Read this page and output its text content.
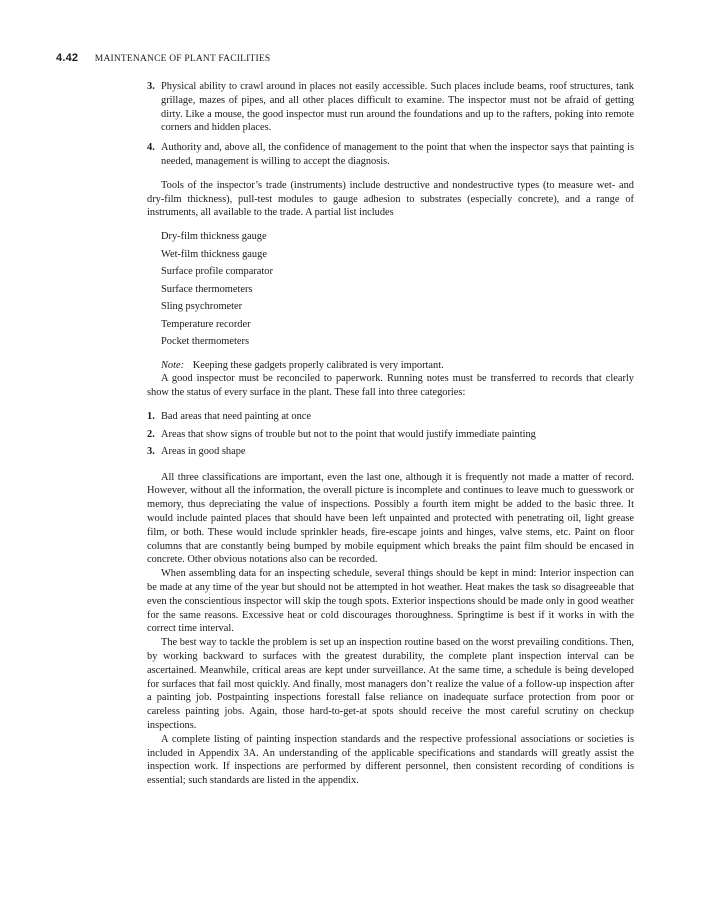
4.42 MAINTENANCE OF PLANT FACILITIES
3. Physical ability to crawl around in places not easily accessible. Such places include beams, roof structures, tank grillage, mazes of pipes, and all other places difficult to examine. The inspector must not be afraid of getting dirty. Like a mouse, the good inspector must run around the foundations and up to the rafters, poking into remote corners and hidden places.
4. Authority and, above all, the confidence of management to the point that when the inspector says that painting is needed, management is willing to accept the diagnosis.

Tools of the inspector’s trade (instruments) include destructive and nondestructive types (to measure wet- and dry-film thickness), pull-test modules to gauge adhesion to substrates (especially concrete), and a range of instruments, all available to the trade. A partial list includes

Dry-film thickness gauge
Wet-film thickness gauge
Surface profile comparator
Surface thermometers
Sling psychrometer
Temperature recorder
Pocket thermometers

Note: Keeping these gadgets properly calibrated is very important.

A good inspector must be reconciled to paperwork. Running notes must be transferred to records that clearly show the status of every surface in the plant. These fall into three categories:

1. Bad areas that need painting at once
2. Areas that show signs of trouble but not to the point that would justify immediate painting
3. Areas in good shape

All three classifications are important, even the last one, although it is frequently not made a matter of record. However, without all the information, the overall picture is incomplete and continues to leave much to guesswork or memory, thus depreciating the value of inspections. Possibly a fourth item might be added to the basic three. It would include painted places that should have been left unpainted and protected with penetrating oil, light grease film, or both. These would include sprinkler heads, fire-escape joints and hinges, valve stems, etc. Paint on floor columns that are constantly being bumped by mobile equipment which breaks the paint film should be encased in concrete. Other obvious notations also can be recorded.

When assembling data for an inspecting schedule, several things should be kept in mind: Interior inspection can be made at any time of the year but should not be attempted in hot weather. Heat makes the task so disagreeable that even the conscientious inspector will skip the tough spots. Exterior inspections should be made only in good weather for the same reasons. Excessive heat or cold discourages thoroughness. Springtime is best if it works in with the correct time interval.

The best way to tackle the problem is set up an inspection routine based on the worst prevailing conditions. Then, by working backward to surfaces with the greatest durability, the complete plant inspection interval can be ascertained. Meanwhile, critical areas are kept under surveillance. At the same time, a schedule is being developed for surfaces that fail most quickly. And finally, most managers don’t realize the value of a follow-up inspection after a painting job. Postpainting inspections forestall false reliance on inadequate surface protection from poor or careless painting jobs. Again, those hard-to-get-at spots should receive the most careful scrutiny on checkup inspections.

A complete listing of painting inspection standards and the respective professional associations or societies is included in Appendix 3A. An understanding of the applicable specifications and standards will greatly assist the inspection work. If inspections are performed by different personnel, then consistent recording of conditions is essential; such standards are listed in the appendix.
